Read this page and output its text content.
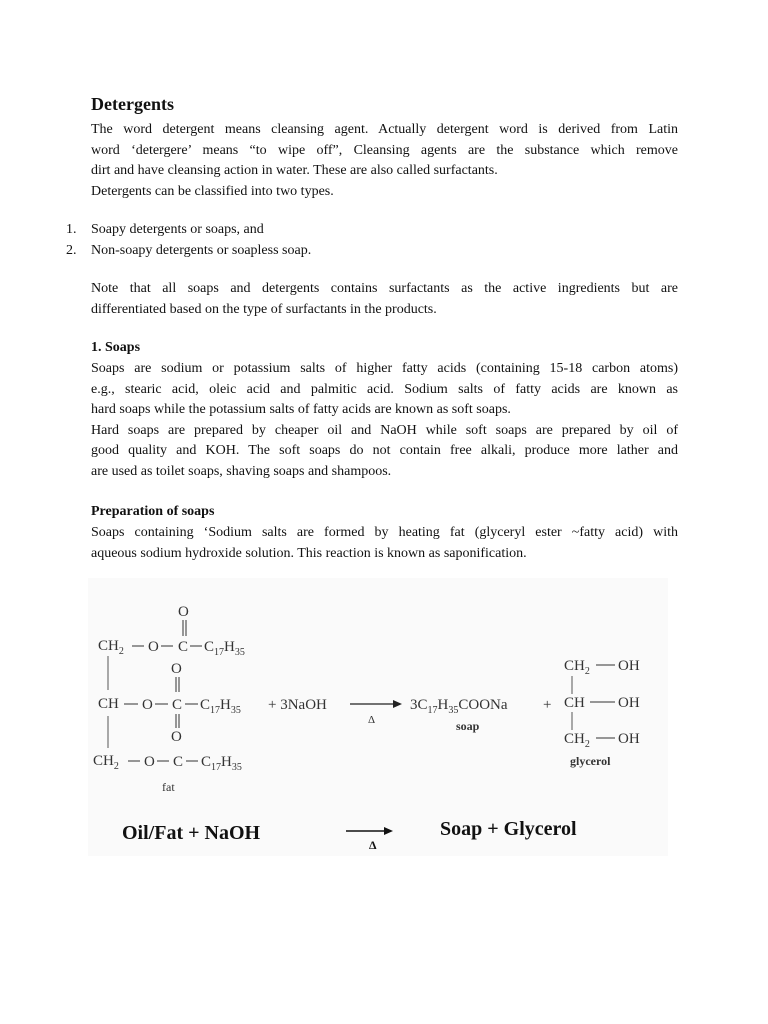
Detergents
The word detergent means cleansing agent. Actually detergent word is derived from Latin
word ‘detergere’ means “to wipe off”, Cleansing agents are the substance which remove
dirt and have cleansing action in water. These are also called surfactants.
Detergents can be classified into two types.
1.	Soapy detergents or soaps, and
2.	Non-soapy detergents or soapless soap.
Note that all soaps and detergents contains surfactants as the active ingredients but are
differentiated based on the type of surfactants in the products.
1. Soaps
Soaps are sodium or potassium salts of higher fatty acids (containing 15-18 carbon atoms)
e.g., stearic acid, oleic acid and palmitic acid. Sodium salts of fatty acids are known as
hard soaps while the potassium salts of fatty acids are known as soft soaps.
Hard soaps are prepared by cheaper oil and NaOH while soft soaps are prepared by oil of
good quality and KOH. The soft soaps do not contain free alkali, produce more lather and
are used as toilet soaps, shaving soaps and shampoos.
Preparation of soaps
Soaps containing ‘Sodium salts are formed by heating fat (glyceryl ester ~fatty acid) with
aqueous sodium hydroxide solution. This reaction is known as saponification.
O
$CH_2$ O C $C_{17}H_{35}$
O
CH O C $C_{17}H_{35}$ + 3NaOH
Δ
$3C_{17}H_{35}COONa$
soap
+
$CH_2$ OH
CH OH
$CH_2$ OH
glycerol
O
$CH_2$ O C $C_{17}H_{35}$
fat
Oil/Fat + NaOH
Δ
Soap + Glycerol
